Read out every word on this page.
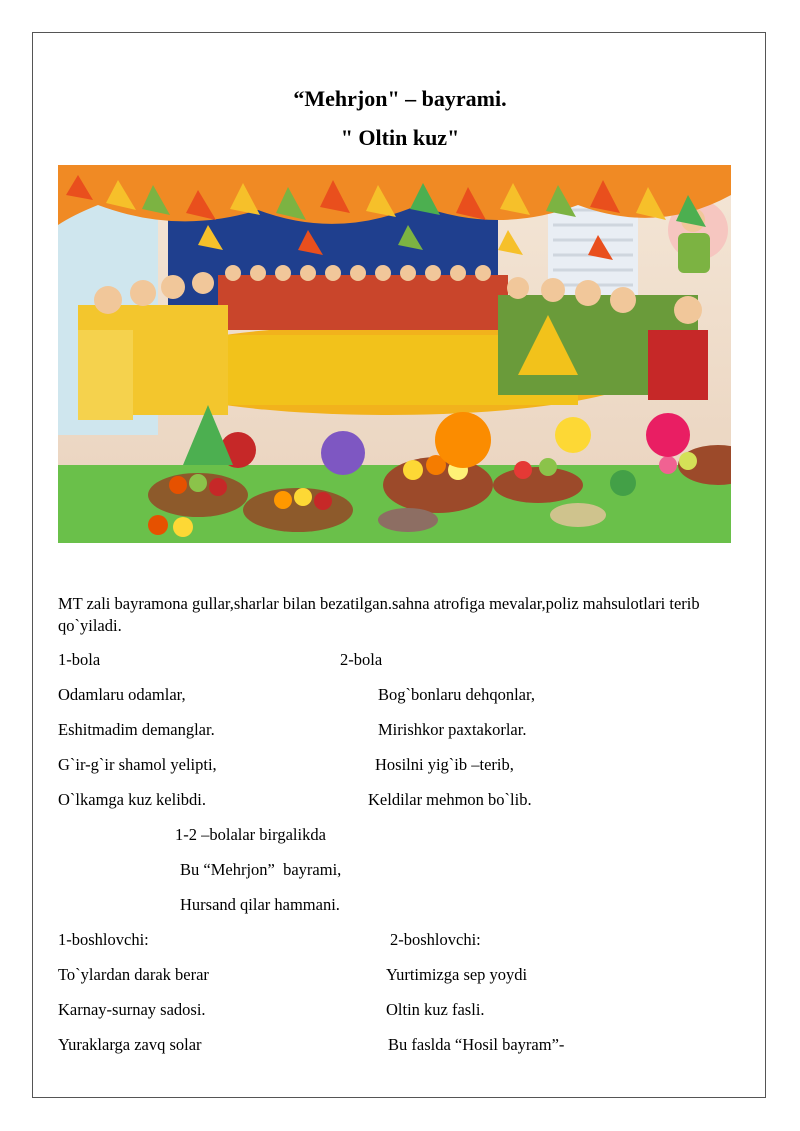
“Mehrjon" – bayrami.
" Oltin kuz"

MT zali bayramona gullar,sharlar bilan bezatilgan.sahna atrofiga mevalar,poliz mahsulotlari terib qo`yiladi.

1-bola	2-bola
Odamlaru odamlar,	Bog`bonlaru dehqonlar,
Eshitmadim demanglar.	Mirishkor paxtakorlar.
G`ir-g`ir shamol yelipti,	Hosilni yig`ib –terib,
O`lkamga kuz kelibdi.	Keldilar mehmon bo`lib.
1-2 –bolalar birgalikda
Bu “Mehrjon”  bayrami,
Hursand qilar hammani.
1-boshlovchi:	2-boshlovchi:
To`ylardan darak berar	Yurtimizga sep yoydi
Karnay-surnay sadosi.	Oltin kuz fasli.
Yuraklarga zavq solar	Bu faslda “Hosil bayram”-
